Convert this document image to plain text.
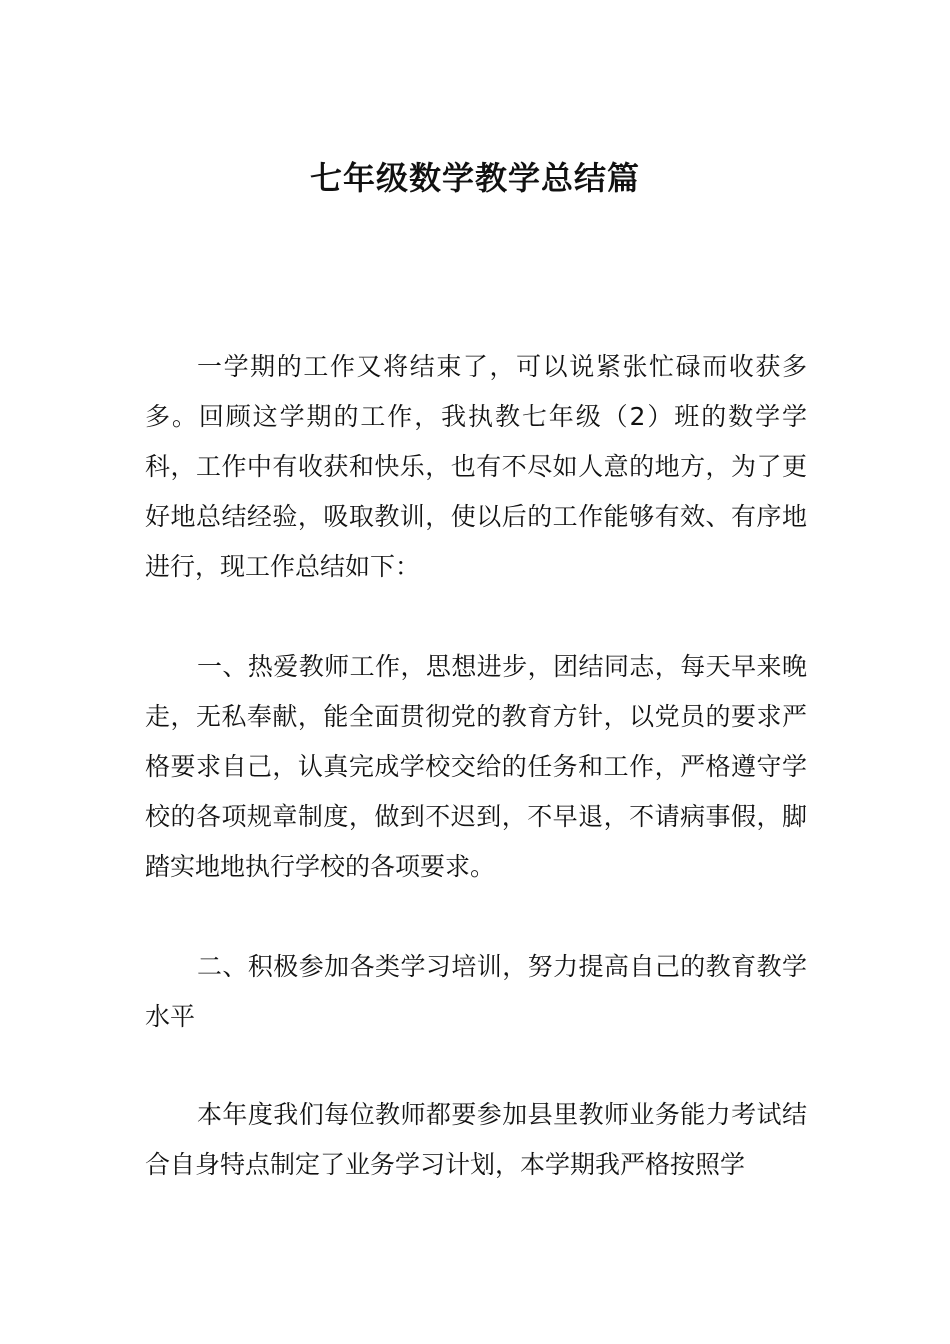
七年级数学教学总结篇

一学期的工作又将结束了，可以说紧张忙碌而收获多多。回顾这学期的工作，我执教七年级（2）班的数学学科，工作中有收获和快乐，也有不尽如人意的地方，为了更好地总结经验，吸取教训，使以后的工作能够有效、有序地进行，现工作总结如下：

一、热爱教师工作，思想进步，团结同志，每天早来晚走，无私奉献，能全面贯彻党的教育方针，以党员的要求严格要求自己，认真完成学校交给的任务和工作，严格遵守学校的各项规章制度，做到不迟到，不早退，不请病事假，脚踏实地地执行学校的各项要求。

二、积极参加各类学习培训，努力提高自己的教育教学水平

本年度我们每位教师都要参加县里教师业务能力考试结合自身特点制定了业务学习计划，本学期我严格按照学
